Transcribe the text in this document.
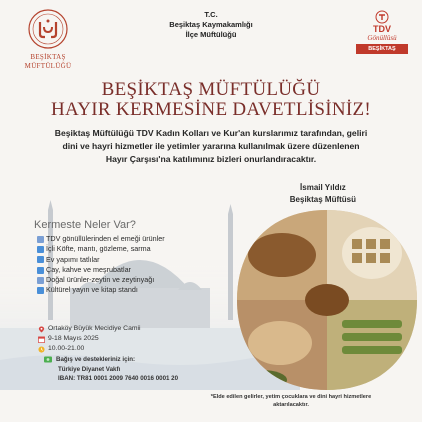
BEŞİKTAŞ
MÜFTÜLÜĞÜ
T.C.
Beşiktaş Kaymakamlığı
İlçe Müftülüğü
TDV
Gönüllüsü
BEŞİKTAŞ
BEŞİKTAŞ MÜFTÜLÜĞÜ
HAYIR KERMESİNE DAVETLİSİNİZ!
Beşiktaş Müftülüğü TDV Kadın Kolları ve Kur'an kurslarımız tarafından, geliri
dini ve hayri hizmetler ile yetimler yararına kullanılmak üzere düzenlenen
Hayır Çarşısı'na katılımınız bizleri onurlandıracaktır.
İsmail Yıldız
Beşiktaş Müftüsü
Kermeste Neler Var?
TDV gönüllülerinden el emeği ürünler
İçli Köfte, mantı, gözleme, sarma
Ev yapımı tatlılar
Çay, kahve ve meşrubatlar
Doğal ürünler-zeytin ve zeytinyağı
Kültürel yayın ve kitap standı
Ortaköy Büyük Mecidiye Camii
9-18 Mayıs 2025
10.00-21.00
Bağış ve destekleriniz için:
Türkiye Diyanet Vakfı
IBAN: TR81 0001 2009 7640 0016 0001 20
*Elde edilen gelirler, yetim çocuklara ve dini hayri hizmetlere
aktarılacaktır.
